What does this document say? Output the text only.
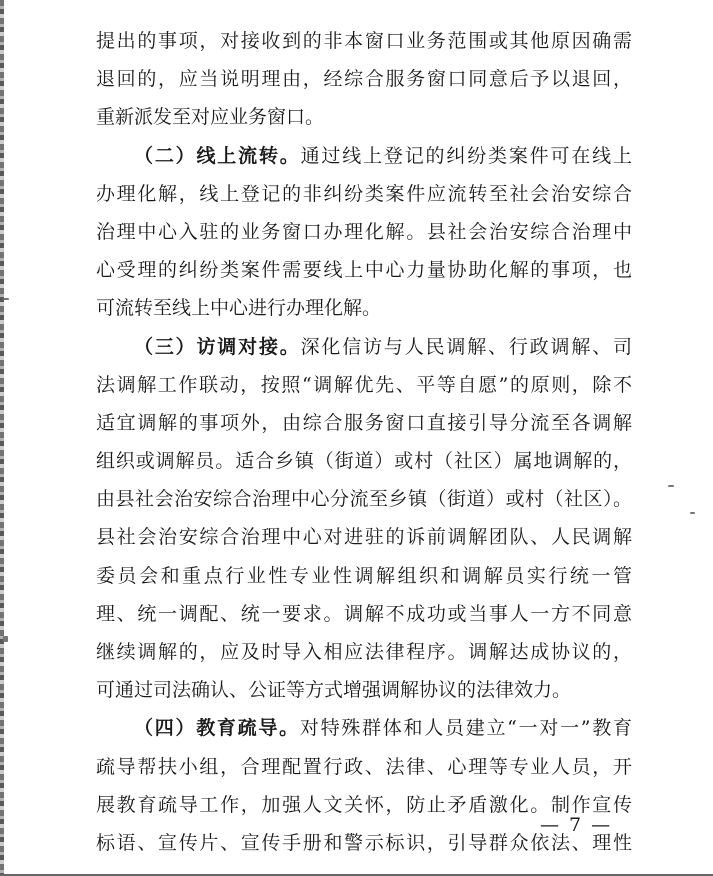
提出的事项，对接收到的非本窗口业务范围或其他原因确需
退回的，应当说明理由，经综合服务窗口同意后予以退回，
重新派发至对应业务窗口。
（二）线上流转。通过线上登记的纠纷类案件可在线上
办理化解，线上登记的非纠纷类案件应流转至社会治安综合
治理中心入驻的业务窗口办理化解。县社会治安综合治理中
心受理的纠纷类案件需要线上中心力量协助化解的事项，也
可流转至线上中心进行办理化解。
（三）访调对接。深化信访与人民调解、行政调解、司
法调解工作联动，按照“调解优先、平等自愿”的原则，除不
适宜调解的事项外，由综合服务窗口直接引导分流至各调解
组织或调解员。适合乡镇（街道）或村（社区）属地调解的，
由县社会治安综合治理中心分流至乡镇（街道）或村（社区）。
县社会治安综合治理中心对进驻的诉前调解团队、人民调解
委员会和重点行业性专业性调解组织和调解员实行统一管
理、统一调配、统一要求。调解不成功或当事人一方不同意
继续调解的，应及时导入相应法律程序。调解达成协议的，
可通过司法确认、公证等方式增强调解协议的法律效力。
（四）教育疏导。对特殊群体和人员建立“一对一”教育
疏导帮扶小组，合理配置行政、法律、心理等专业人员，开
展教育疏导工作，加强人文关怀，防止矛盾激化。制作宣传
标语、宣传片、宣传手册和警示标识，引导群众依法、理性
— 7 —
